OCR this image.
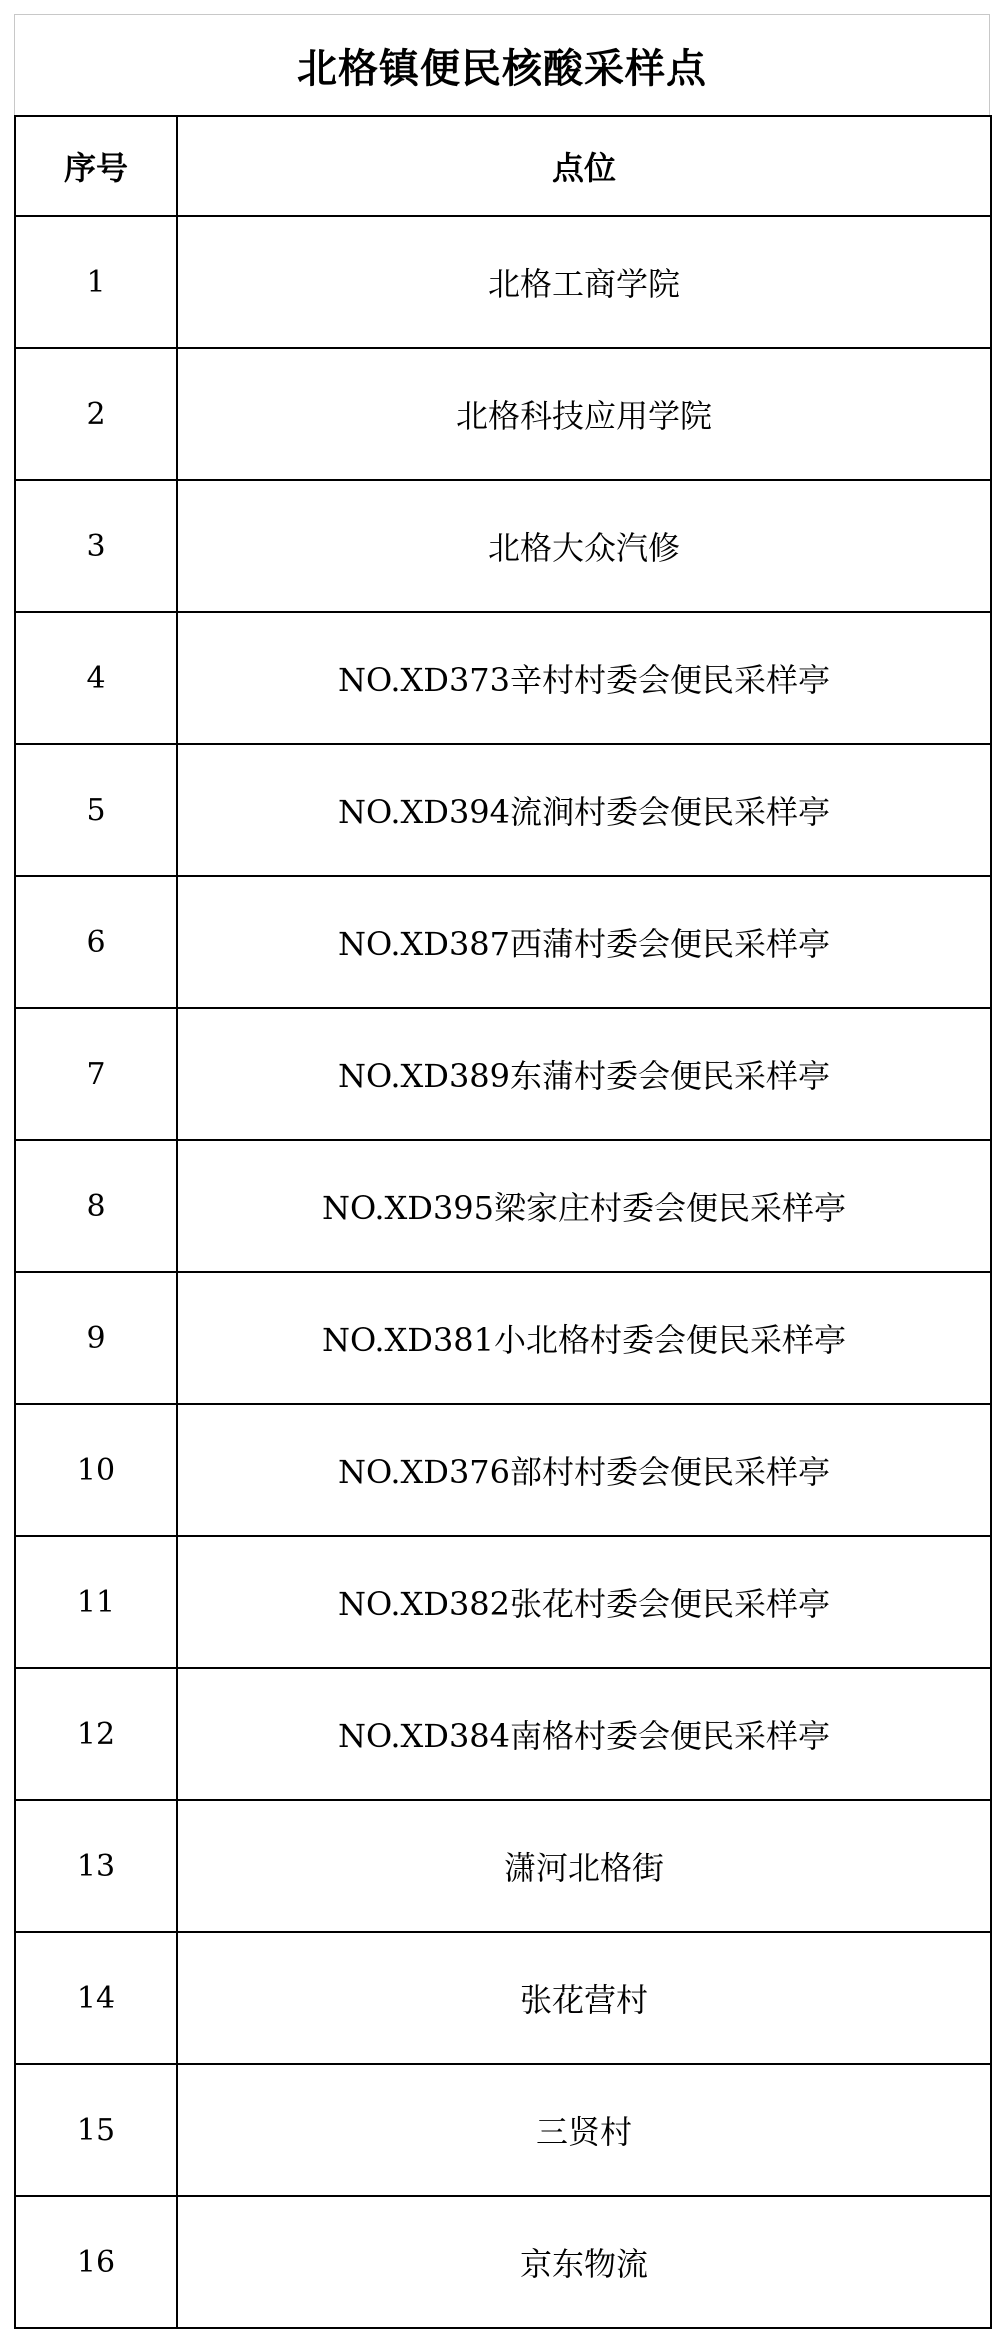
北格镇便民核酸采样点
序号	点位
1	北格工商学院
2	北格科技应用学院
3	北格大众汽修
4	NO.XD373辛村村委会便民采样亭
5	NO.XD394流涧村委会便民采样亭
6	NO.XD387西蒲村委会便民采样亭
7	NO.XD389东蒲村委会便民采样亭
8	NO.XD395梁家庄村委会便民采样亭
9	NO.XD381小北格村委会便民采样亭
10	NO.XD376部村村委会便民采样亭
11	NO.XD382张花村委会便民采样亭
12	NO.XD384南格村委会便民采样亭
13	潇河北格街
14	张花营村
15	三贤村
16	京东物流
